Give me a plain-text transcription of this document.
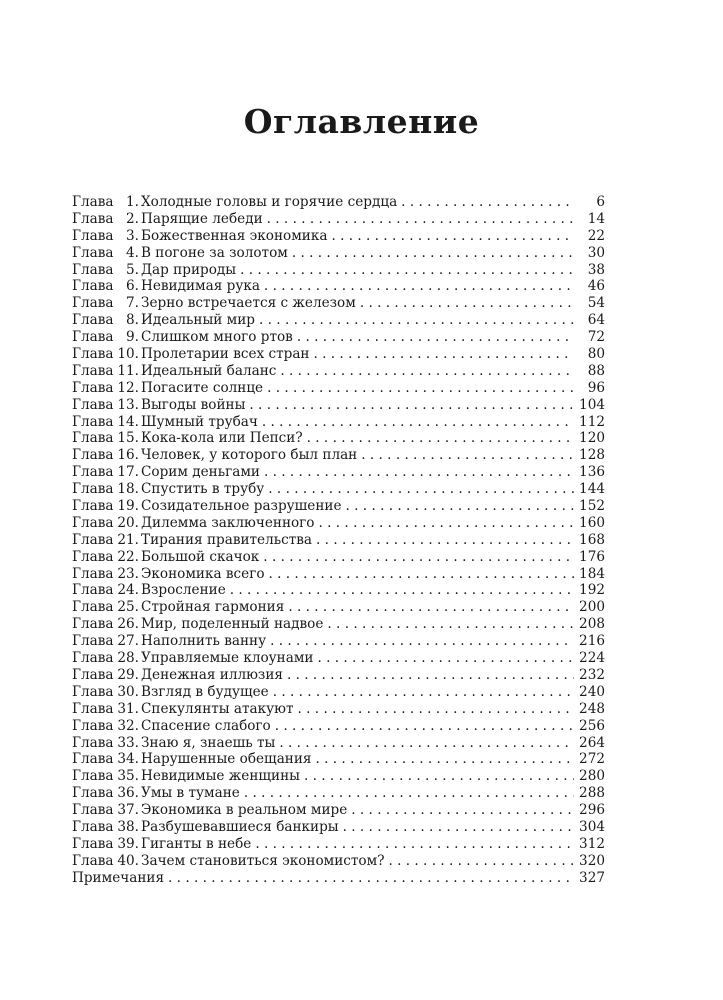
Оглавление
Глава 1. Холодные головы и горячие сердца . . .	6
Глава 2. Парящие лебеди . . .	14
Глава 3. Божественная экономика . . .	22
Глава 4. В погоне за золотом . . .	30
Глава 5. Дар природы . . .	38
Глава 6. Невидимая рука . . .	46
Глава 7. Зерно встречается с железом . . .	54
Глава 8. Идеальный мир . . .	64
Глава 9. Слишком много ртов . . .	72
Глава 10. Пролетарии всех стран . . .	80
Глава 11. Идеальный баланс . . .	88
Глава 12. Погасите солнце . . .	96
Глава 13. Выгоды войны . . .	104
Глава 14. Шумный трубач . . .	112
Глава 15. Кока-кола или Пепси? . . .	120
Глава 16. Человек, у которого был план . . .	128
Глава 17. Сорим деньгами . . .	136
Глава 18. Спустить в трубу . . .	144
Глава 19. Созидательное разрушение . . .	152
Глава 20. Дилемма заключенного . . .	160
Глава 21. Тирания правительства . . .	168
Глава 22. Большой скачок . . .	176
Глава 23. Экономика всего . . .	184
Глава 24. Взросление . . .	192
Глава 25. Стройная гармония . . .	200
Глава 26. Мир, поделенный надвое . . .	208
Глава 27. Наполнить ванну . . .	216
Глава 28. Управляемые клоунами . . .	224
Глава 29. Денежная иллюзия . . .	232
Глава 30. Взгляд в будущее . . .	240
Глава 31. Спекулянты атакуют . . .	248
Глава 32. Спасение слабого . . .	256
Глава 33. Знаю я, знаешь ты . . .	264
Глава 34. Нарушенные обещания . . .	272
Глава 35. Невидимые женщины . . .	280
Глава 36. Умы в тумане . . .	288
Глава 37. Экономика в реальном мире . . .	296
Глава 38. Разбушевавшиеся банкиры . . .	304
Глава 39. Гиганты в небе . . .	312
Глава 40. Зачем становиться экономистом? . . .	320
Примечания . . .	327
